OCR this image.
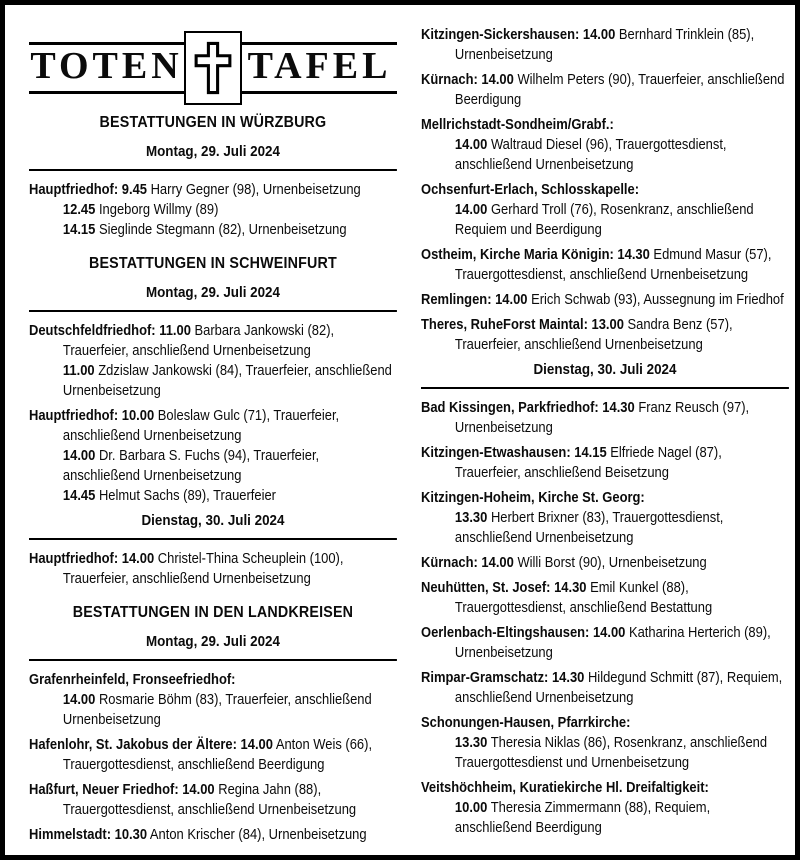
TOTEN TAFEL
BESTATTUNGEN IN WÜRZBURG
Montag, 29. Juli 2024
Hauptfriedhof: 9.45 Harry Gegner (98), Urnenbeisetzung
12.45 Ingeborg Willmy (89)
14.15 Sieglinde Stegmann (82), Urnenbeisetzung
BESTATTUNGEN IN SCHWEINFURT
Montag, 29. Juli 2024
Deutschfeldfriedhof: 11.00 Barbara Jankowski (82), Trauerfeier, anschließend Urnenbeisetzung
11.00 Zdzislaw Jankowski (84), Trauerfeier, anschließend Urnenbeisetzung
Hauptfriedhof: 10.00 Boleslaw Gulc (71), Trauerfeier, anschließend Urnenbeisetzung
14.00 Dr. Barbara S. Fuchs (94), Trauerfeier, anschließend Urnenbeisetzung
14.45 Helmut Sachs (89), Trauerfeier
Dienstag, 30. Juli 2024
Hauptfriedhof: 14.00 Christel-Thina Scheuplein (100), Trauerfeier, anschließend Urnenbeisetzung
BESTATTUNGEN IN DEN LANDKREISEN
Montag, 29. Juli 2024
Grafenrheinfeld, Fronseefriedhof:
14.00 Rosmarie Böhm (83), Trauerfeier, anschließend Urnenbeisetzung
Hafenlohr, St. Jakobus der Ältere: 14.00 Anton Weis (66), Trauergottesdienst, anschließend Beerdigung
Haßfurt, Neuer Friedhof: 14.00 Regina Jahn (88), Trauergottesdienst, anschließend Urnenbeisetzung
Himmelstadt: 10.30 Anton Krischer (84), Urnenbeisetzung
Kitzingen-Sickershausen: 14.00 Bernhard Trinklein (85), Urnenbeisetzung
Kürnach: 14.00 Wilhelm Peters (90), Trauerfeier, anschließend Beerdigung
Mellrichstadt-Sondheim/Grabf.:
14.00 Waltraud Diesel (96), Trauergottesdienst, anschließend Urnenbeisetzung
Ochsenfurt-Erlach, Schlosskapelle:
14.00 Gerhard Troll (76), Rosenkranz, anschließend Requiem und Beerdigung
Ostheim, Kirche Maria Königin: 14.30 Edmund Masur (57), Trauergottesdienst, anschließend Urnenbeisetzung
Remlingen: 14.00 Erich Schwab (93), Aussegnung im Friedhof
Theres, RuheForst Maintal: 13.00 Sandra Benz (57), Trauerfeier, anschließend Urnenbeisetzung
Dienstag, 30. Juli 2024
Bad Kissingen, Parkfriedhof: 14.30 Franz Reusch (97), Urnenbeisetzung
Kitzingen-Etwashausen: 14.15 Elfriede Nagel (87), Trauerfeier, anschließend Beisetzung
Kitzingen-Hoheim, Kirche St. Georg:
13.30 Herbert Brixner (83), Trauergottesdienst, anschließend Urnenbeisetzung
Kürnach: 14.00 Willi Borst (90), Urnenbeisetzung
Neuhütten, St. Josef: 14.30 Emil Kunkel (88), Trauergottesdienst, anschließend Bestattung
Oerlenbach-Eltingshausen: 14.00 Katharina Herterich (89), Urnenbeisetzung
Rimpar-Gramschatz: 14.30 Hildegund Schmitt (87), Requiem, anschließend Urnenbeisetzung
Schonungen-Hausen, Pfarrkirche:
13.30 Theresia Niklas (86), Rosenkranz, anschließend Trauergottesdienst und Urnenbeisetzung
Veitshöchheim, Kuratiekirche Hl. Dreifaltigkeit:
10.00 Theresia Zimmermann (88), Requiem, anschließend Beerdigung
